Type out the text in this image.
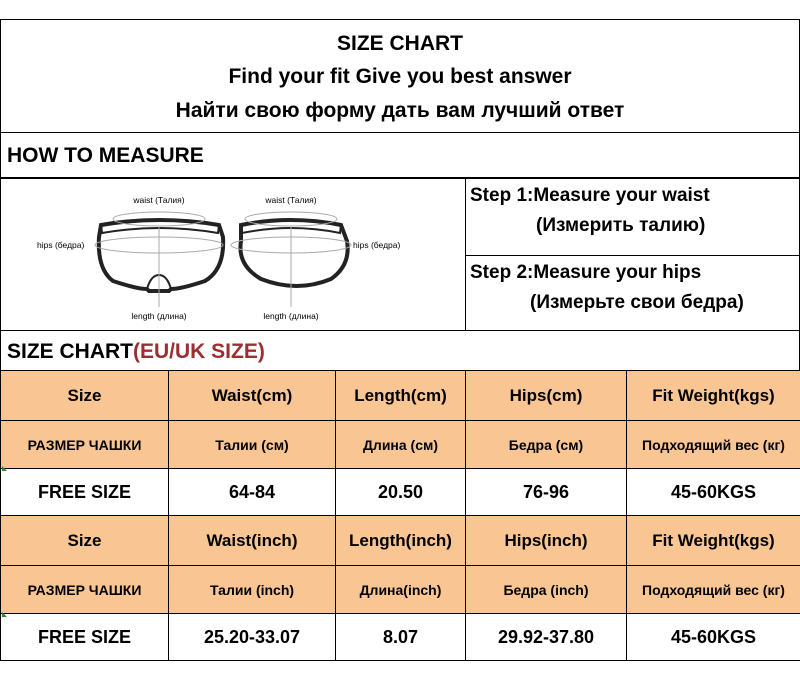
SIZE CHART
Find your fit Give you best answer
Найти свою форму дать вам лучший ответ
HOW TO MEASURE
waist (Талия)	waist (Талия)
hips (бедра)	hips (бедра)
length (длина)	length (длина)
Step 1:Measure your waist
(Измерить талию)
Step 2:Measure your hips
(Измерьте свои бедра)
SIZE CHART(EU/UK SIZE)
Size	Waist(cm)	Length(cm)	Hips(cm)	Fit Weight(kgs)
РАЗМЕР ЧАШКИ	Талии (см)	Длина (см)	Бедра (см)	Подходящий вес (кг)
FREE SIZE	64-84	20.50	76-96	45-60KGS
Size	Waist(inch)	Length(inch)	Hips(inch)	Fit Weight(kgs)
РАЗМЕР ЧАШКИ	Талии (inch)	Длина(inch)	Бедра (inch)	Подходящий вес (кг)
FREE SIZE	25.20-33.07	8.07	29.92-37.80	45-60KGS
